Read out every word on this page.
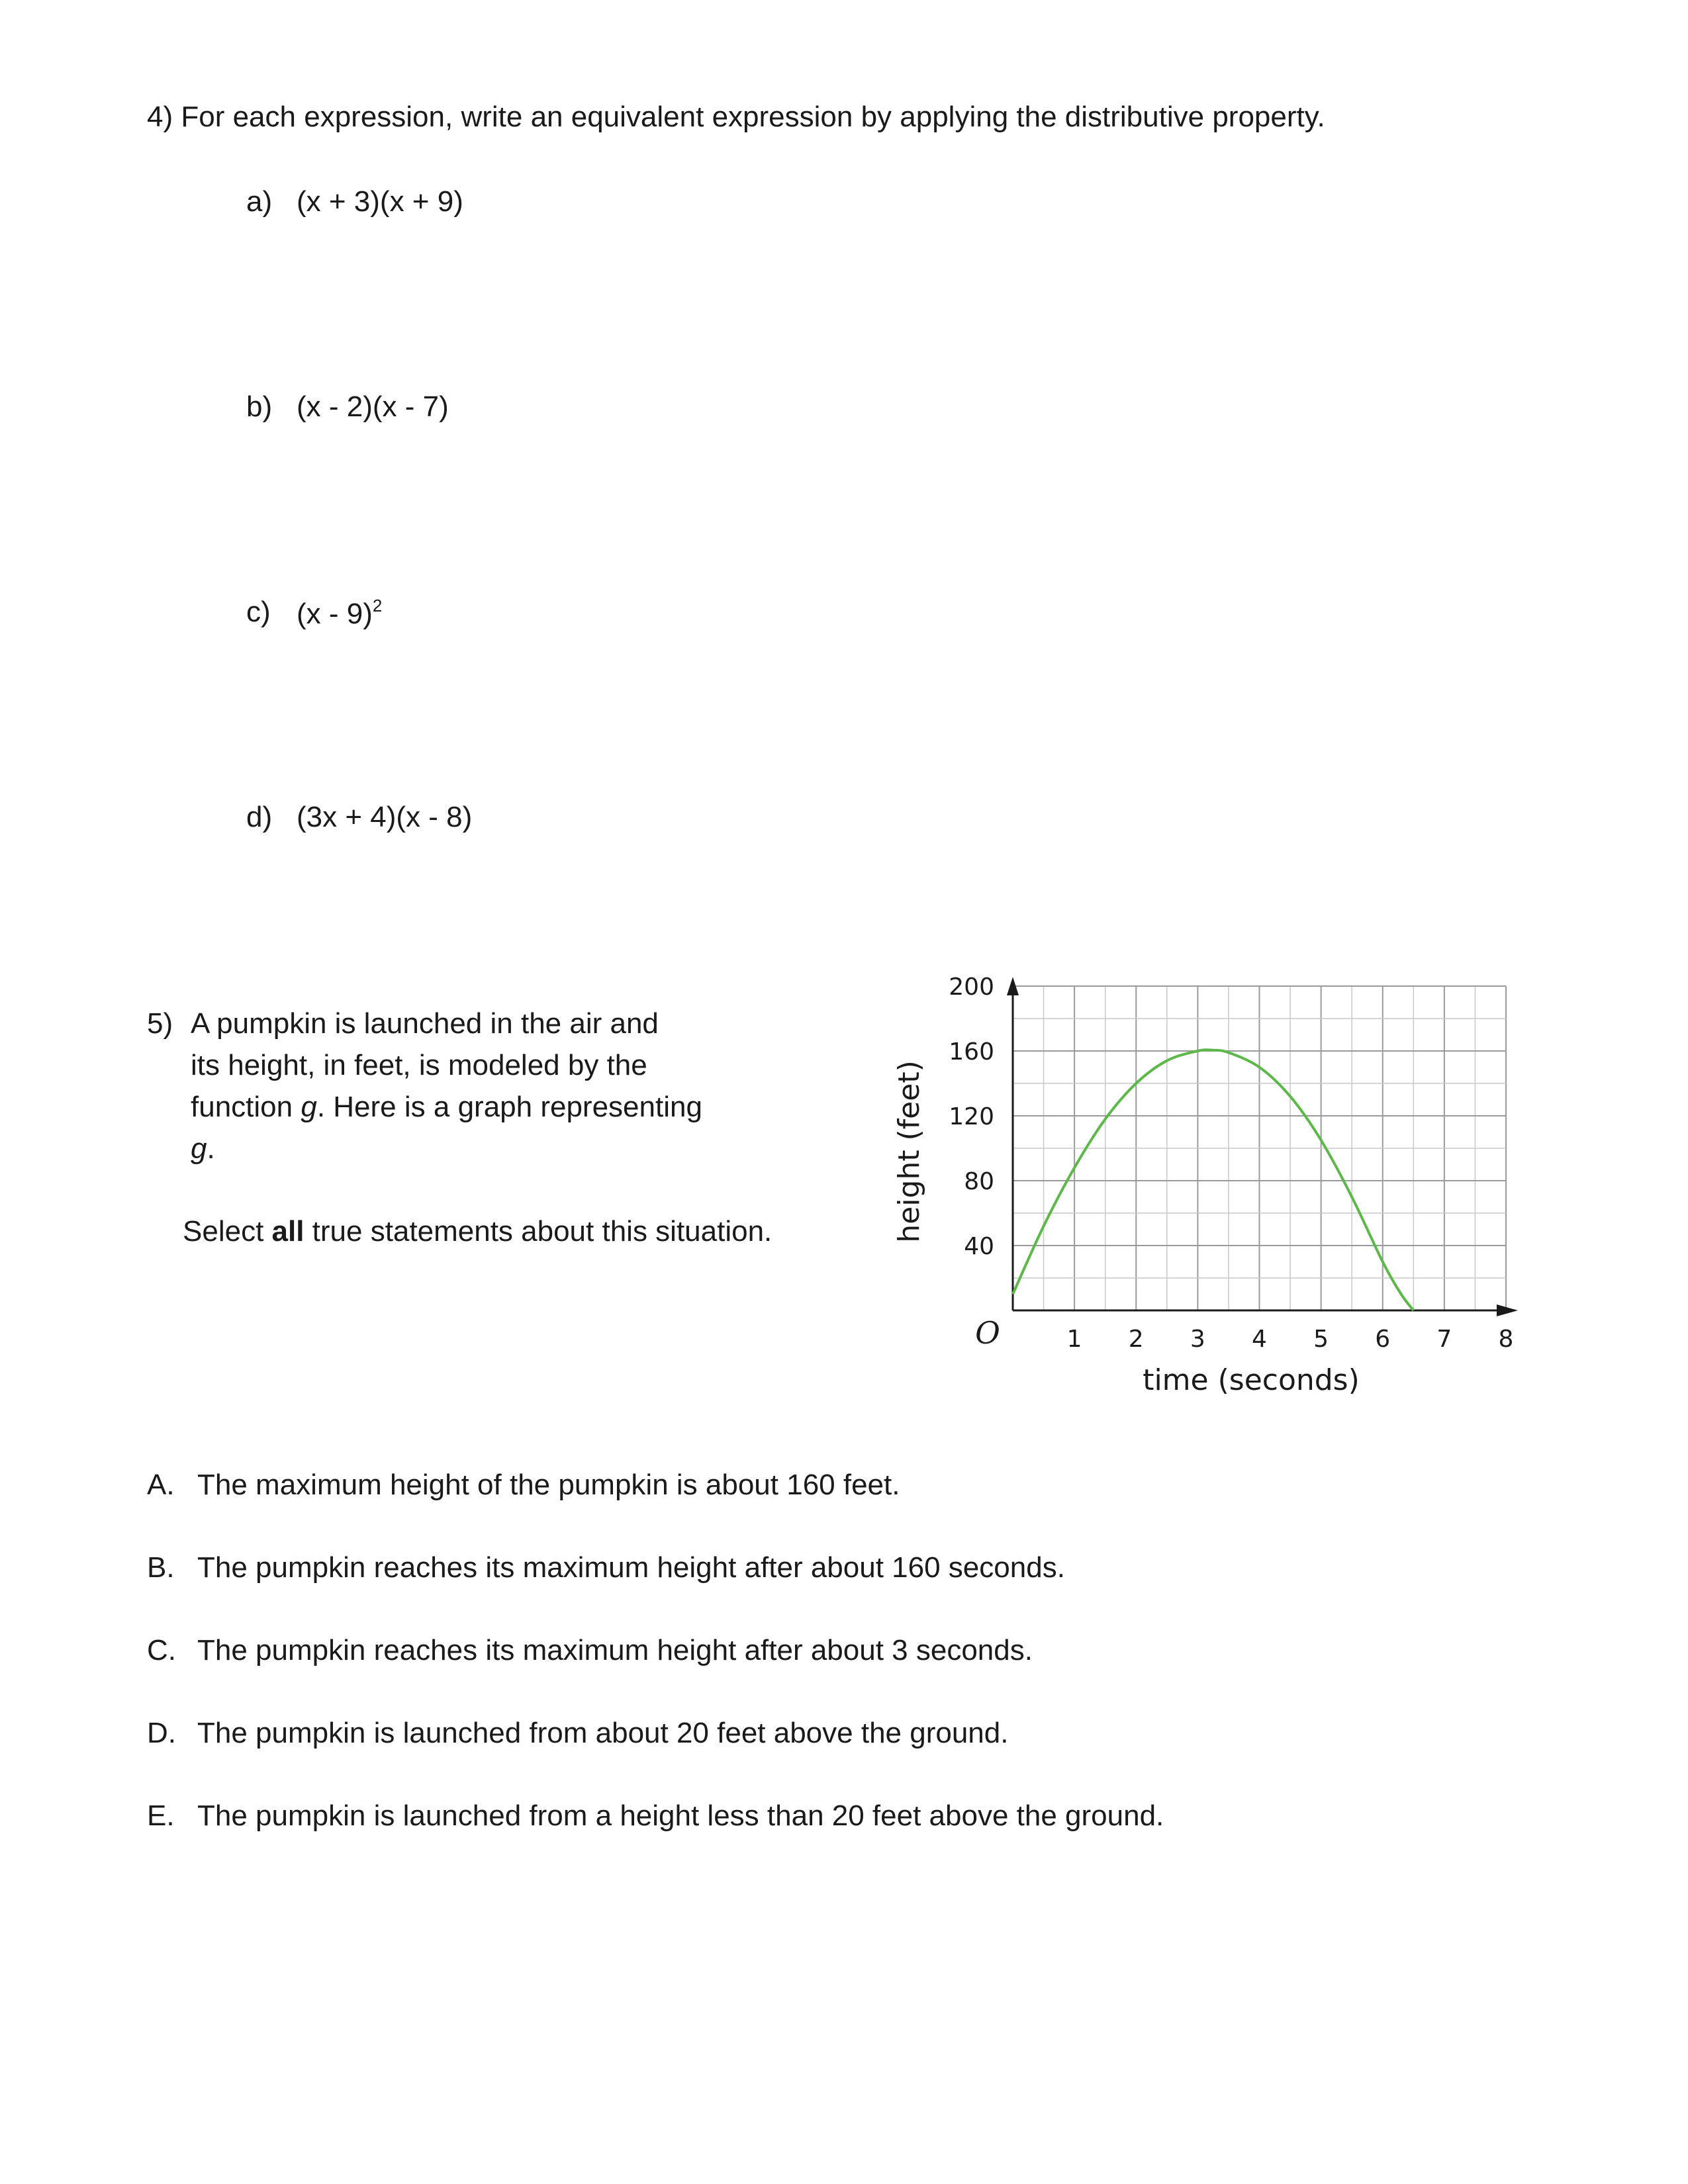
4) For each expression, write an equivalent expression by applying the distributive property.
a) (x + 3)(x + 9)
b) (x - 2)(x - 7)
c) (x - 9)$^2$
d) (3x + 4)(x - 8)
5) A pumpkin is launched in the air and
its height, in feet, is modeled by the
function g. Here is a graph representing
g.
Select all true statements about this situation.
1 2 3 4 5 6 7 8
40
80
120
160
200
height (feet)
time (seconds)
O
A. The maximum height of the pumpkin is about 160 feet.
B. The pumpkin reaches its maximum height after about 160 seconds.
C. The pumpkin reaches its maximum height after about 3 seconds.
D. The pumpkin is launched from about 20 feet above the ground.
E. The pumpkin is launched from a height less than 20 feet above the ground.
